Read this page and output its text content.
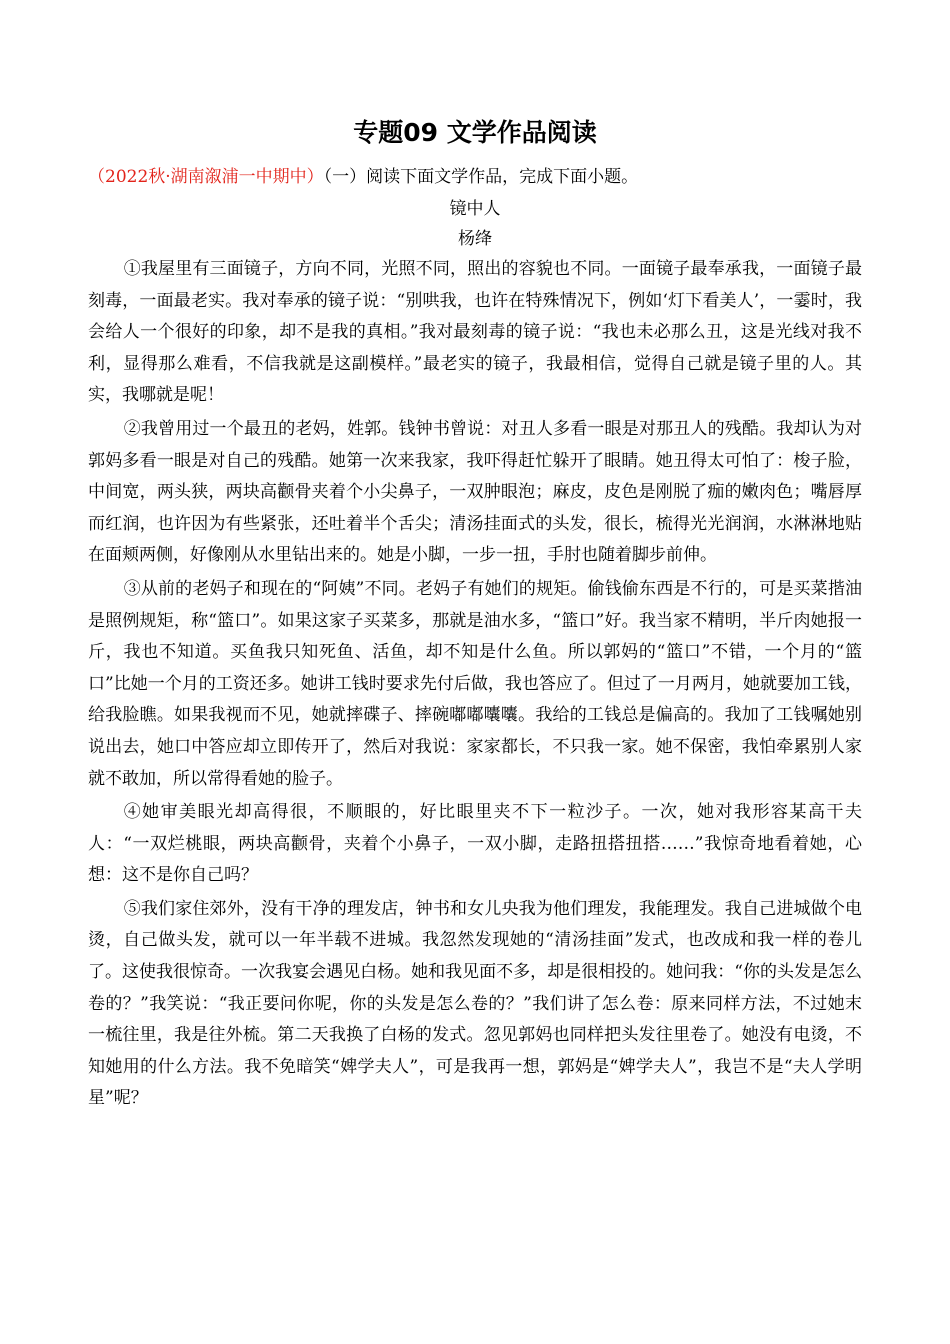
专题09 文学作品阅读

（2022秋·湖南溆浦一中期中）（一）阅读下面文学作品，完成下面小题。

镜中人

杨绛

①我屋里有三面镜子，方向不同，光照不同，照出的容貌也不同。一面镜子最奉承我，一面镜子最刻毒，一面最老实。我对奉承的镜子说：“别哄我，也许在特殊情况下，例如‘灯下看美人’，一霎时，我会给人一个很好的印象，却不是我的真相。”我对最刻毒的镜子说：“我也未必那么丑，这是光线对我不利，显得那么难看，不信我就是这副模样。”最老实的镜子，我最相信，觉得自己就是镜子里的人。其实，我哪就是呢！

②我曾用过一个最丑的老妈，姓郭。钱钟书曾说：对丑人多看一眼是对那丑人的残酷。我却认为对郭妈多看一眼是对自己的残酷。她第一次来我家，我吓得赶忙躲开了眼睛。她丑得太可怕了：梭子脸，中间宽，两头狭，两块高颧骨夹着个小尖鼻子，一双肿眼泡；麻皮，皮色是刚脱了痂的嫩肉色；嘴唇厚而红润，也许因为有些紧张，还吐着半个舌尖；清汤挂面式的头发，很长，梳得光光润润，水淋淋地贴在面颊两侧，好像刚从水里钻出来的。她是小脚，一步一扭，手肘也随着脚步前伸。

③从前的老妈子和现在的“阿姨”不同。老妈子有她们的规矩。偷钱偷东西是不行的，可是买菜揩油是照例规矩，称“篮口”。如果这家子买菜多，那就是油水多，“篮口”好。我当家不精明，半斤肉她报一斤，我也不知道。买鱼我只知死鱼、活鱼，却不知是什么鱼。所以郭妈的“篮口”不错，一个月的“篮口”比她一个月的工资还多。她讲工钱时要求先付后做，我也答应了。但过了一月两月，她就要加工钱，给我脸瞧。如果我视而不见，她就摔碟子、摔碗嘟嘟囔囔。我给的工钱总是偏高的。我加了工钱嘱她别说出去，她口中答应却立即传开了，然后对我说：家家都长，不只我一家。她不保密，我怕牵累别人家就不敢加，所以常得看她的脸子。

④她审美眼光却高得很，不顺眼的，好比眼里夹不下一粒沙子。一次，她对我形容某高干夫人：“一双烂桃眼，两块高颧骨，夹着个小鼻子，一双小脚，走路扭搭扭搭……”我惊奇地看着她，心想：这不是你自己吗？

⑤我们家住郊外，没有干净的理发店，钟书和女儿央我为他们理发，我能理发。我自己进城做个电烫，自己做头发，就可以一年半载不进城。我忽然发现她的“清汤挂面”发式，也改成和我一样的卷儿了。这使我很惊奇。一次我宴会遇见白杨。她和我见面不多，却是很相投的。她问我：“你的头发是怎么卷的？”我笑说：“我正要问你呢，你的头发是怎么卷的？”我们讲了怎么卷：原来同样方法，不过她末一梳往里，我是往外梳。第二天我换了白杨的发式。忽见郭妈也同样把头发往里卷了。她没有电烫，不知她用的什么方法。我不免暗笑“婢学夫人”，可是我再一想，郭妈是“婢学夫人”，我岂不是“夫人学明星”呢？
